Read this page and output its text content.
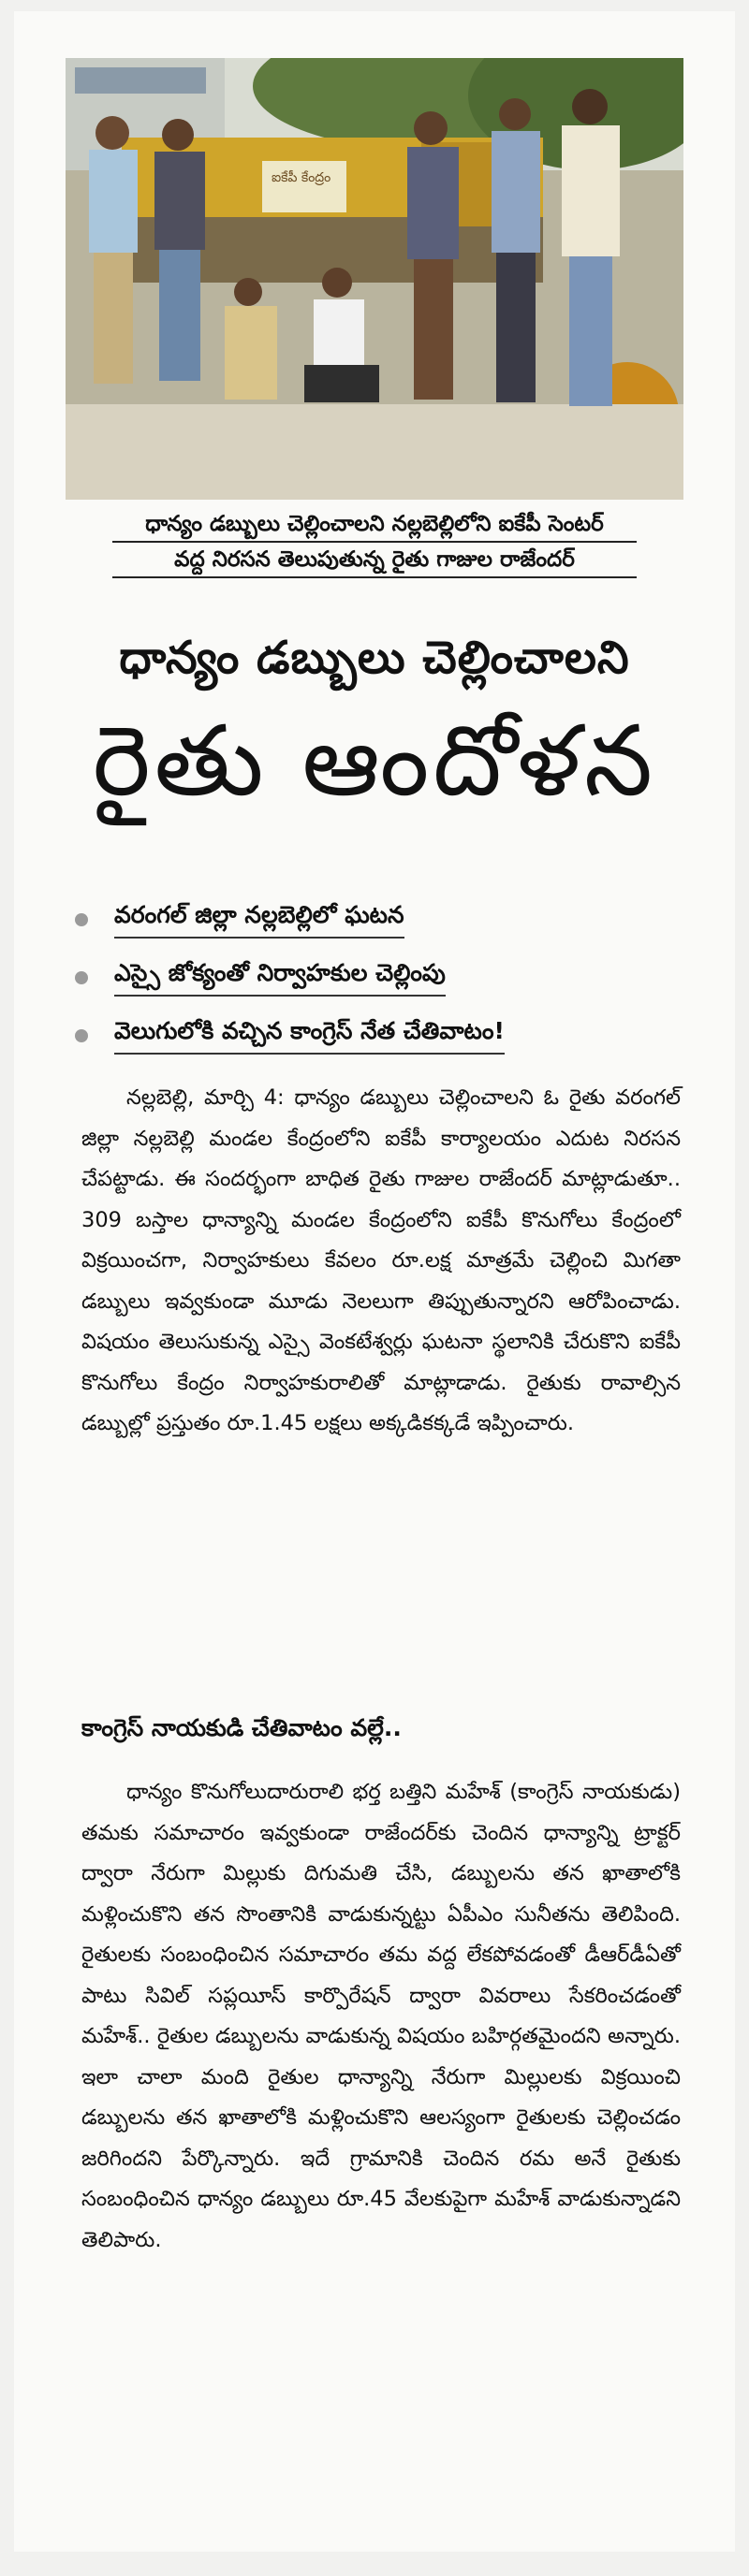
ఐకేపీ కేంద్రం
ధాన్యం డబ్బులు చెల్లించాలని నల్లబెల్లిలోని ఐకేపీ సెంటర్
వద్ద నిరసన తెలుపుతున్న రైతు గాజుల రాజేందర్
ధాన్యం డబ్బులు చెల్లించాలని
రైతు ఆందోళన
వరంగల్ జిల్లా నల్లబెల్లిలో ఘటన
ఎస్సై జోక్యంతో నిర్వాహకుల చెల్లింపు
వెలుగులోకి వచ్చిన కాంగ్రెస్ నేత చేతివాటం!

నల్లబెల్లి, మార్చి 4: ధాన్యం డబ్బులు చెల్లించాలని ఓ రైతు వరంగల్ జిల్లా నల్లబెల్లి మండల కేంద్రంలోని ఐకేపీ కార్యాలయం ఎదుట నిరసన చేపట్టాడు. ఈ సందర్భంగా బాధిత రైతు గాజుల రాజేందర్ మాట్లాడుతూ.. 309 బస్తాల ధాన్యాన్ని మండల కేంద్రంలోని ఐకేపీ కొనుగోలు కేంద్రంలో విక్రయించగా, నిర్వాహకులు కేవలం రూ.లక్ష మాత్రమే చెల్లించి మిగతా డబ్బులు ఇవ్వకుండా మూడు నెలలుగా తిప్పుతున్నారని ఆరోపించాడు. విషయం తెలుసుకున్న ఎస్సై వెంకటేశ్వర్లు ఘటనా స్థలానికి చేరుకొని ఐకేపీ కొనుగోలు కేంద్రం నిర్వాహకురాలితో మాట్లాడాడు. రైతుకు రావాల్సిన డబ్బుల్లో ప్రస్తుతం రూ.1.45 లక్షలు అక్కడికక్కడే ఇప్పించారు.

కాంగ్రెస్ నాయకుడి చేతివాటం వల్లే..

ధాన్యం కొనుగోలుదారురాలి భర్త బత్తిని మహేశ్ (కాంగ్రెస్ నాయకుడు) తమకు సమాచారం ఇవ్వకుండా రాజేందర్‌కు చెందిన ధాన్యాన్ని ట్రాక్టర్ ద్వారా నేరుగా మిల్లుకు దిగుమతి చేసి, డబ్బులను తన ఖాతాలోకి మళ్లించుకొని తన సొంతానికి వాడుకున్నట్టు ఏపీఎం సునీతను తెలిపింది. రైతులకు సంబంధించిన సమాచారం తమ వద్ద లేకపోవడంతో డీఆర్‌డీఏతో పాటు సివిల్ సప్లయీస్ కార్పొరేషన్ ద్వారా వివరాలు సేకరించడంతో మహేశ్.. రైతుల డబ్బులను వాడుకున్న విషయం బహిర్గతమైందని అన్నారు. ఇలా చాలా మంది రైతుల ధాన్యాన్ని నేరుగా మిల్లులకు విక్రయించి డబ్బులను తన ఖాతాలోకి మళ్లించుకొని ఆలస్యంగా రైతులకు చెల్లించడం జరిగిందని పేర్కొన్నారు. ఇదే గ్రామానికి చెందిన రమ అనే రైతుకు సంబంధించిన ధాన్యం డబ్బులు రూ.45 వేలకుపైగా మహేశ్ వాడుకున్నాడని తెలిపారు.
